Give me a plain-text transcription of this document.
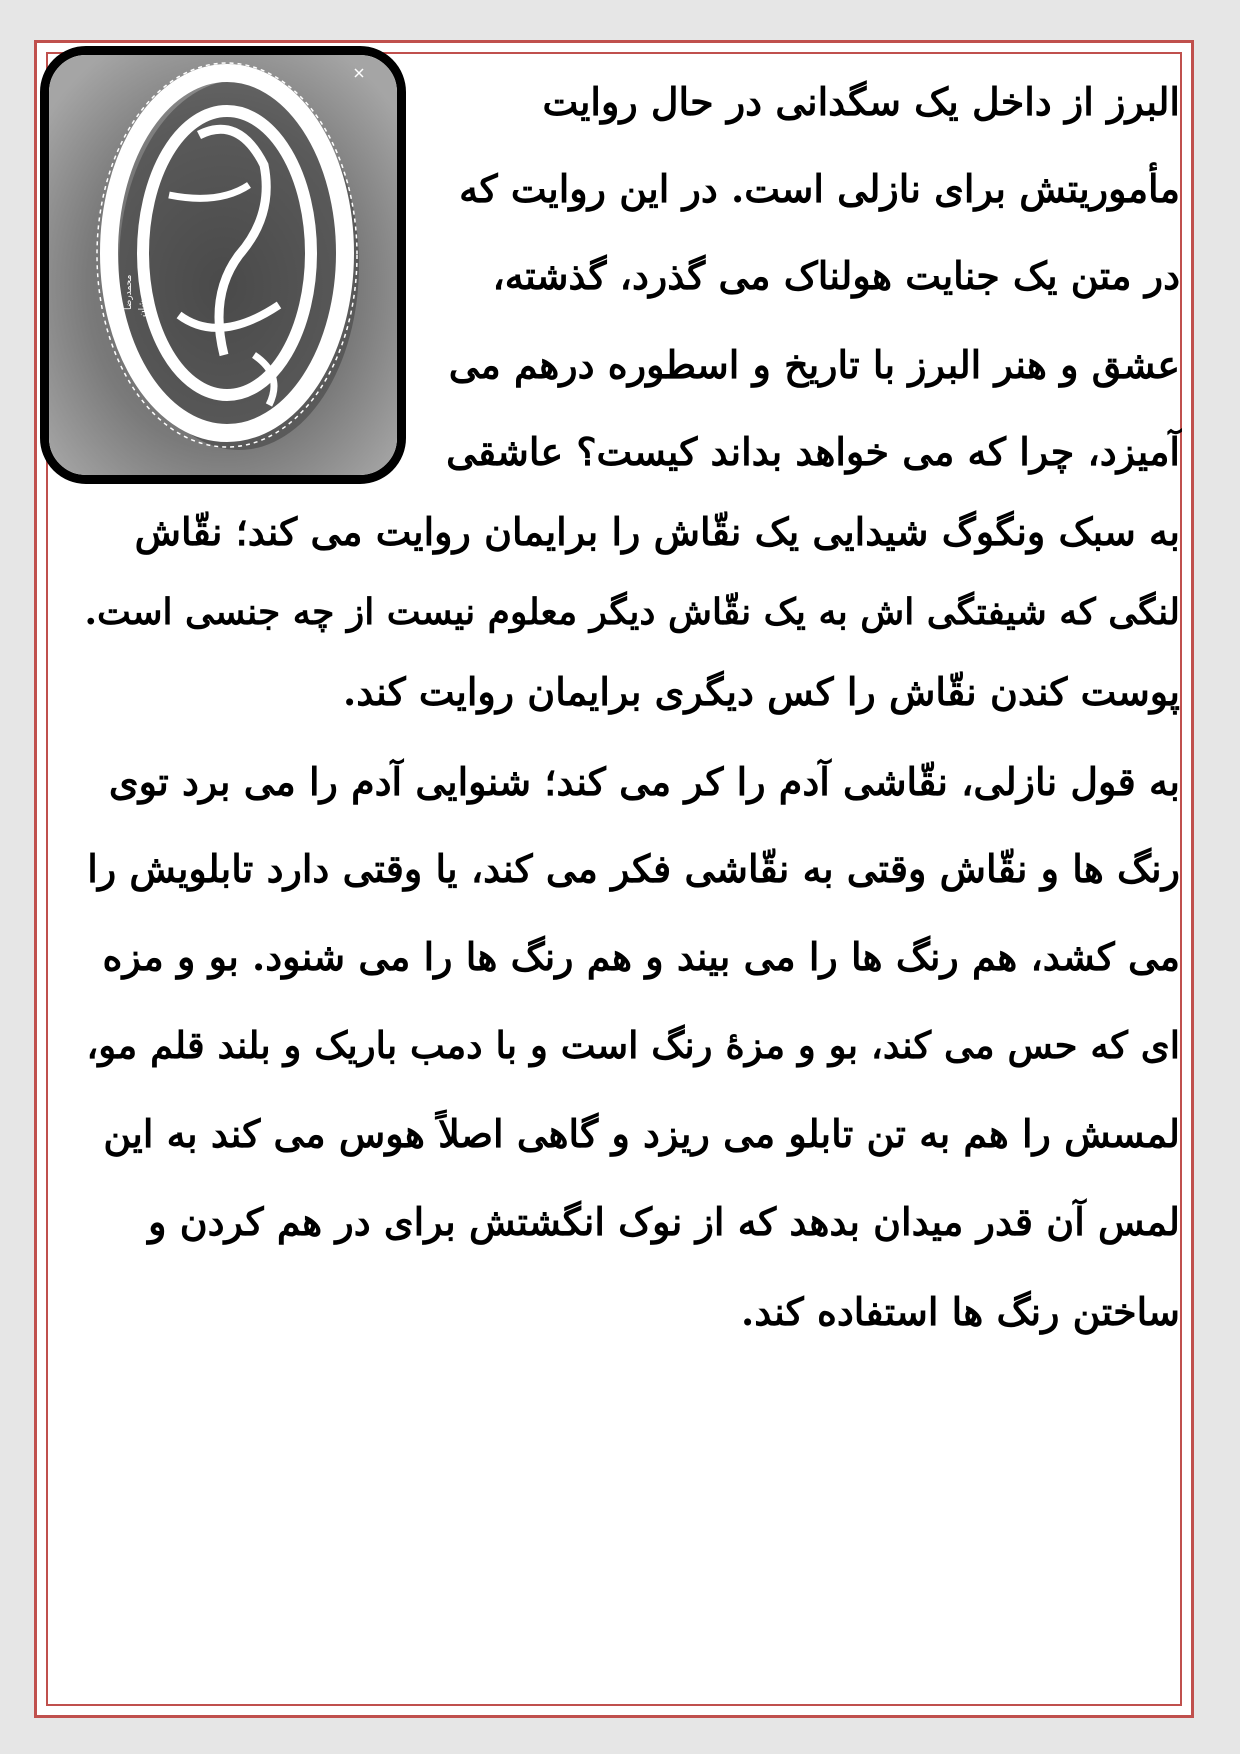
محمدرضا شرفی خبوشان
البرز از داخل یک سگدانی در حال روایت
مأموریتش برای نازلی است. در این روایت که
در متن یک جنایت هولناک می گذرد، گذشته،
عشق و هنر البرز با تاریخ و اسطوره درهم می
آمیزد، چرا که می خواهد بداند کیست؟ عاشقی
به سبک ونگوگ شیدایی یک نقّاش را برایمان روایت می کند؛ نقّاش
لنگی که شیفتگی اش به یک نقّاش دیگر معلوم نیست از چه جنسی است.
پوست کندن نقّاش را کس دیگری برایمان روایت کند.
به قول نازلی، نقّاشی آدم را کر می کند؛ شنوایی آدم را می برد توی
رنگ ها و نقّاش وقتی به نقّاشی فکر می کند، یا وقتی دارد تابلویش را
می کشد، هم رنگ ها را می بیند و هم رنگ ها را می شنود. بو و مزه
ای که حس می کند، بو و مزهٔ رنگ است و با دمب باریک و بلند قلم مو،
لمسش را هم به تن تابلو می ریزد و گاهی اصلاً هوس می کند به این
لمس آن قدر میدان بدهد که از نوک انگشتش برای در هم کردن و
ساختن رنگ ها استفاده کند.
